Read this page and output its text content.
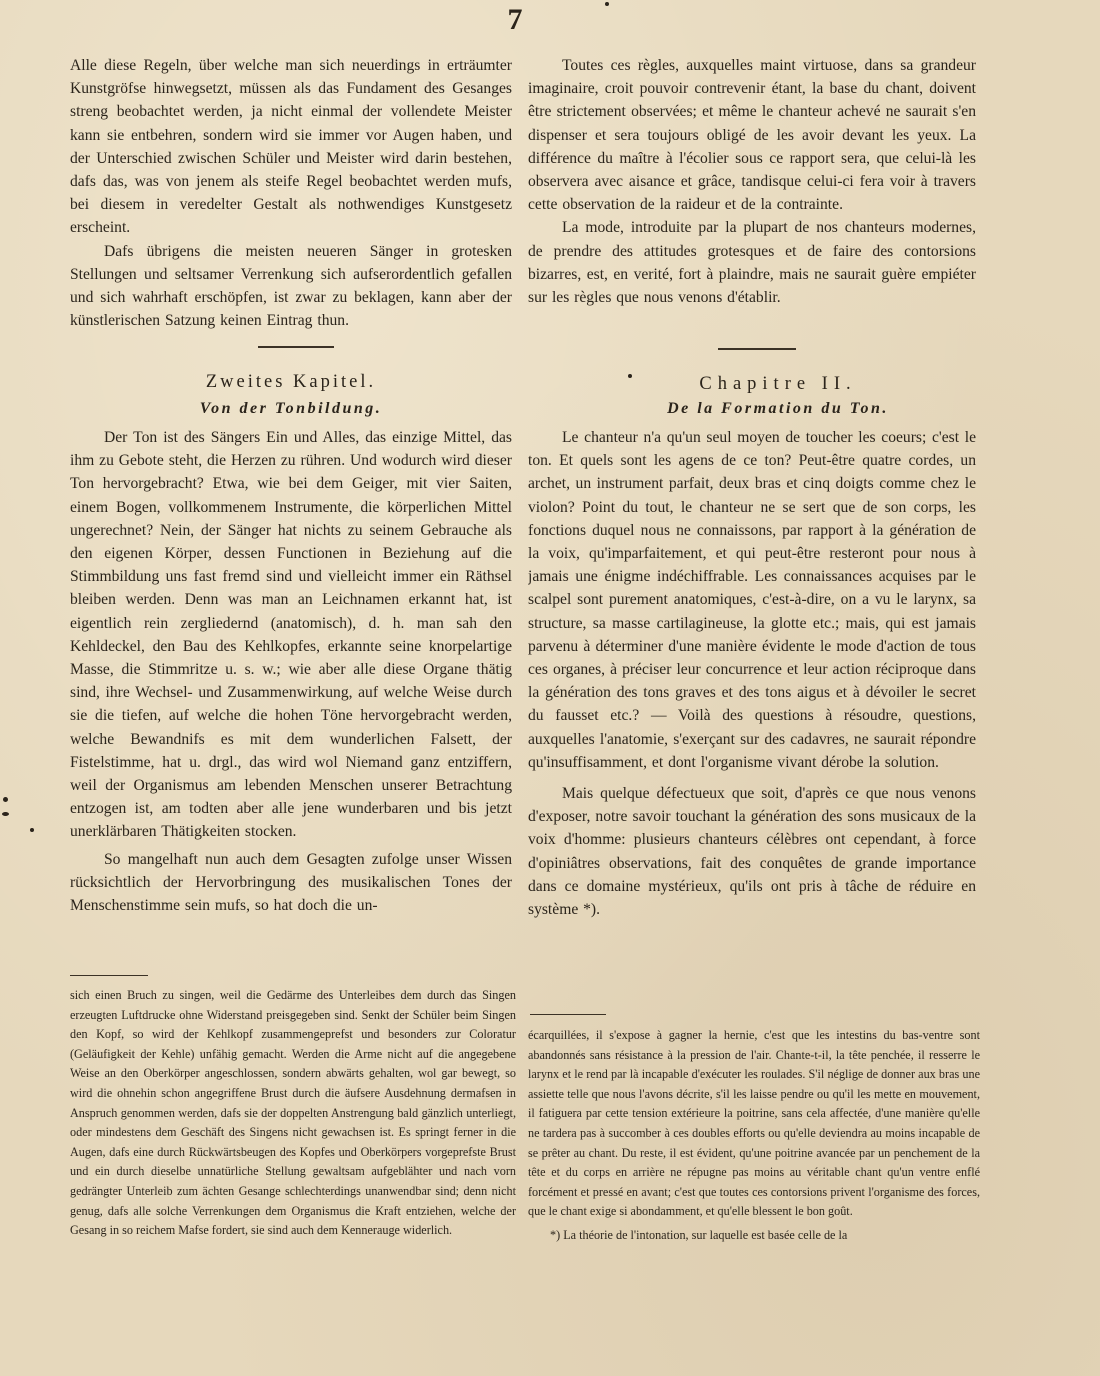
7

Alle diese Regeln, über welche man sich neuerdings in erträumter Kunstgröfse hinwegsetzt, müssen als das Fundament des Gesanges streng beobachtet werden, ja nicht einmal der vollendete Meister kann sie entbehren, sondern wird sie immer vor Augen haben, und der Unterschied zwischen Schüler und Meister wird darin bestehen, dafs das, was von jenem als steife Regel beobachtet werden mufs, bei diesem in veredelter Gestalt als nothwendiges Kunstgesetz erscheint.

Dafs übrigens die meisten neueren Sänger in grotesken Stellungen und seltsamer Verrenkung sich aufserordentlich gefallen und sich wahrhaft erschöpfen, ist zwar zu beklagen, kann aber der künstlerischen Satzung keinen Eintrag thun.

Zweites Kapitel.
Von der Tonbildung.

Der Ton ist des Sängers Ein und Alles, das einzige Mittel, das ihm zu Gebote steht, die Herzen zu rühren. Und wodurch wird dieser Ton hervorgebracht? Etwa, wie bei dem Geiger, mit vier Saiten, einem Bogen, vollkommenem Instrumente, die körperlichen Mittel ungerechnet? Nein, der Sänger hat nichts zu seinem Gebrauche als den eigenen Körper, dessen Functionen in Beziehung auf die Stimmbildung uns fast fremd sind und vielleicht immer ein Räthsel bleiben werden. Denn was man an Leichnamen erkannt hat, ist eigentlich rein zergliedernd (anatomisch), d. h. man sah den Kehldeckel, den Bau des Kehlkopfes, erkannte seine knorpelartige Masse, die Stimmritze u. s. w.; wie aber alle diese Organe thätig sind, ihre Wechsel- und Zusammenwirkung, auf welche Weise durch sie die tiefen, auf welche die hohen Töne hervorgebracht werden, welche Bewandnifs es mit dem wunderlichen Falsett, der Fistelstimme, hat u. drgl., das wird wol Niemand ganz entziffern, weil der Organismus am lebenden Menschen unserer Betrachtung entzogen ist, am todten aber alle jene wunderbaren und bis jetzt unerklärbaren Thätigkeiten stocken.

So mangelhaft nun auch dem Gesagten zufolge unser Wissen rücksichtlich der Hervorbringung des musikalischen Tones der Menschenstimme sein mufs, so hat doch die un-

sich einen Bruch zu singen, weil die Gedärme des Unterleibes dem durch das Singen erzeugten Luftdrucke ohne Widerstand preisgegeben sind. Senkt der Schüler beim Singen den Kopf, so wird der Kehlkopf zusammengeprefst und besonders zur Coloratur (Geläufigkeit der Kehle) unfähig gemacht. Werden die Arme nicht auf die angegebene Weise an den Oberkörper angeschlossen, sondern abwärts gehalten, wol gar bewegt, so wird die ohnehin schon angegriffene Brust durch die äufsere Ausdehnung dermafsen in Anspruch genommen werden, dafs sie der doppelten Anstrengung bald gänzlich unterliegt, oder mindestens dem Geschäft des Singens nicht gewachsen ist. Es springt ferner in die Augen, dafs eine durch Rückwärtsbeugen des Kopfes und Oberkörpers vorgeprefste Brust und ein durch dieselbe unnatürliche Stellung gewaltsam aufgeblähter und nach vorn gedrängter Unterleib zum ächten Gesange schlechterdings unanwendbar sind; denn nicht genug, dafs alle solche Verrenkungen dem Organismus die Kraft entziehen, welche der Gesang in so reichem Mafse fordert, sie sind auch dem Kennerauge widerlich.

Toutes ces règles, auxquelles maint virtuose, dans sa grandeur imaginaire, croit pouvoir contrevenir étant, la base du chant, doivent être strictement observées; et même le chanteur achevé ne saurait s'en dispenser et sera toujours obligé de les avoir devant les yeux. La différence du maître à l'écolier sous ce rapport sera, que celui-là les observera avec aisance et grâce, tandisque celui-ci fera voir à travers cette observation de la raideur et de la contrainte.

La mode, introduite par la plupart de nos chanteurs modernes, de prendre des attitudes grotesques et de faire des contorsions bizarres, est, en verité, fort à plaindre, mais ne saurait guère empiéter sur les règles que nous venons d'établir.

Chapitre II.
De la Formation du Ton.

Le chanteur n'a qu'un seul moyen de toucher les coeurs; c'est le ton. Et quels sont les agens de ce ton? Peut-être quatre cordes, un archet, un instrument parfait, deux bras et cinq doigts comme chez le violon? Point du tout, le chanteur ne se sert que de son corps, les fonctions duquel nous ne connaissons, par rapport à la génération de la voix, qu'imparfaitement, et qui peut-être resteront pour nous à jamais une énigme indéchiffrable. Les connaissances acquises par le scalpel sont purement anatomiques, c'est-à-dire, on a vu le larynx, sa structure, sa masse cartilagineuse, la glotte etc.; mais, qui est jamais parvenu à déterminer d'une manière évidente le mode d'action de tous ces organes, à préciser leur concurrence et leur action réciproque dans la génération des tons graves et des tons aigus et à dévoiler le secret du fausset etc.? — Voilà des questions à résoudre, questions, auxquelles l'anatomie, s'exerçant sur des cadavres, ne saurait répondre qu'insuffisamment, et dont l'organisme vivant dérobe la solution.

Mais quelque défectueux que soit, d'après ce que nous venons d'exposer, notre savoir touchant la génération des sons musicaux de la voix d'homme: plusieurs chanteurs célèbres ont cependant, à force d'opiniâtres observations, fait des conquêtes de grande importance dans ce domaine mystérieux, qu'ils ont pris à tâche de réduire en système *).

écarquillées, il s'expose à gagner la hernie, c'est que les intestins du bas-ventre sont abandonnés sans résistance à la pression de l'air. Chante-t-il, la tête penchée, il resserre le larynx et le rend par là incapable d'exécuter les roulades. S'il néglige de donner aux bras une assiette telle que nous l'avons décrite, s'il les laisse pendre ou qu'il les mette en mouvement, il fatiguera par cette tension extérieure la poitrine, sans cela affectée, d'une manière qu'elle ne tardera pas à succomber à ces doubles efforts ou qu'elle deviendra au moins incapable de se prêter au chant. Du reste, il est évident, qu'une poitrine avancée par un penchement de la tête et du corps en arrière ne répugne pas moins au véritable chant qu'un ventre enflé forcément et pressé en avant; c'est que toutes ces contorsions privent l'organisme des forces, que le chant exige si abondamment, et qu'elle blessent le bon goût.

*) La théorie de l'intonation, sur laquelle est basée celle de la
